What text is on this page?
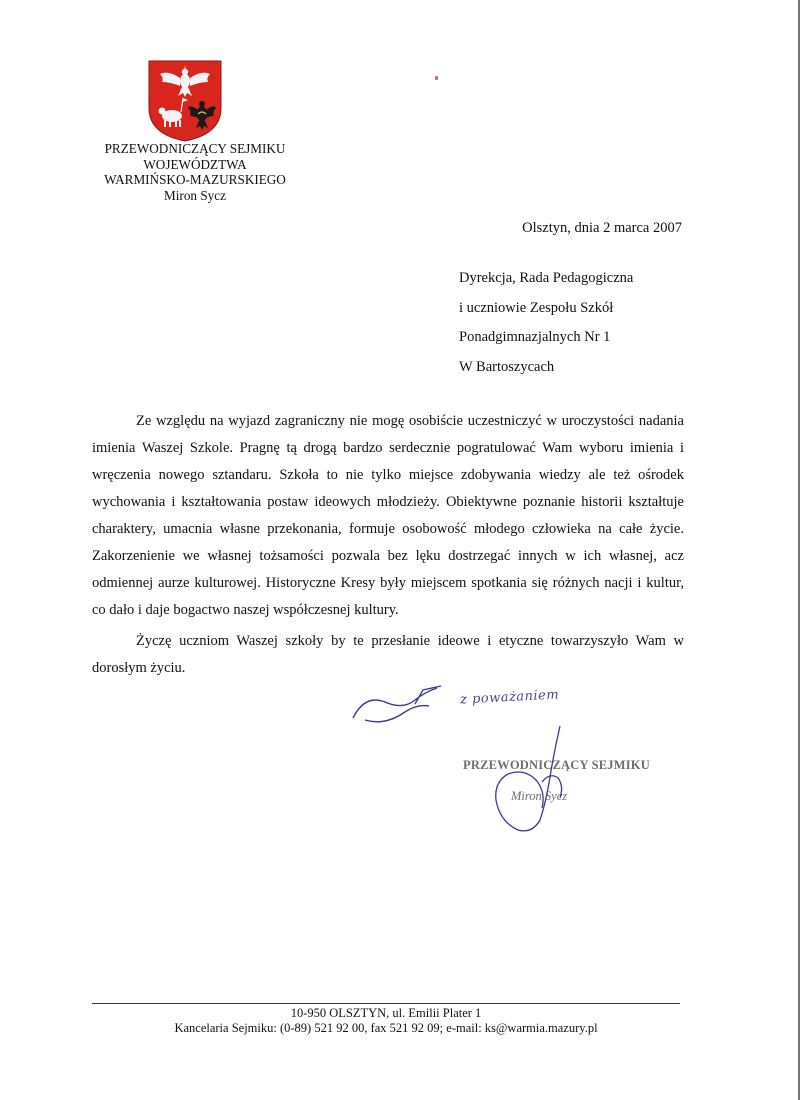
PRZEWODNICZĄCY SEJMIKU
WOJEWÓDZTWA
WARMIŃSKO-MAZURSKIEGO
Miron Sycz
Olsztyn, dnia 2 marca 2007
Dyrekcja, Rada Pedagogiczna
i uczniowie Zespołu Szkół
Ponadgimnazjalnych Nr 1
W Bartoszycach

Ze względu na wyjazd zagraniczny nie mogę osobiście uczestniczyć w uroczystości nadania imienia Waszej Szkole. Pragnę tą drogą bardzo serdecznie pogratulować Wam wyboru imienia i wręczenia nowego sztandaru. Szkoła to nie tylko miejsce zdobywania wiedzy ale też ośrodek wychowania i kształtowania postaw ideowych młodzieży. Obiektywne poznanie historii kształtuje charaktery, umacnia własne przekonania, formuje osobowość młodego człowieka na całe życie. Zakorzenienie we własnej tożsamości pozwala bez lęku dostrzegać innych w ich własnej, acz odmiennej aurze kulturowej. Historyczne Kresy były miejscem spotkania się różnych nacji i kultur, co dało i daje bogactwo naszej współczesnej kultury.

Życzę uczniom Waszej szkoły by te przesłanie ideowe i etyczne towarzyszyło Wam w dorosłym życiu.

z poważaniem
PRZEWODNICZĄCY SEJMIKU
Miron Sycz
10-950 OLSZTYN, ul. Emilii Plater 1
Kancelaria Sejmiku: (0-89) 521 92 00, fax 521 92 09; e-mail: ks@warmia.mazury.pl
